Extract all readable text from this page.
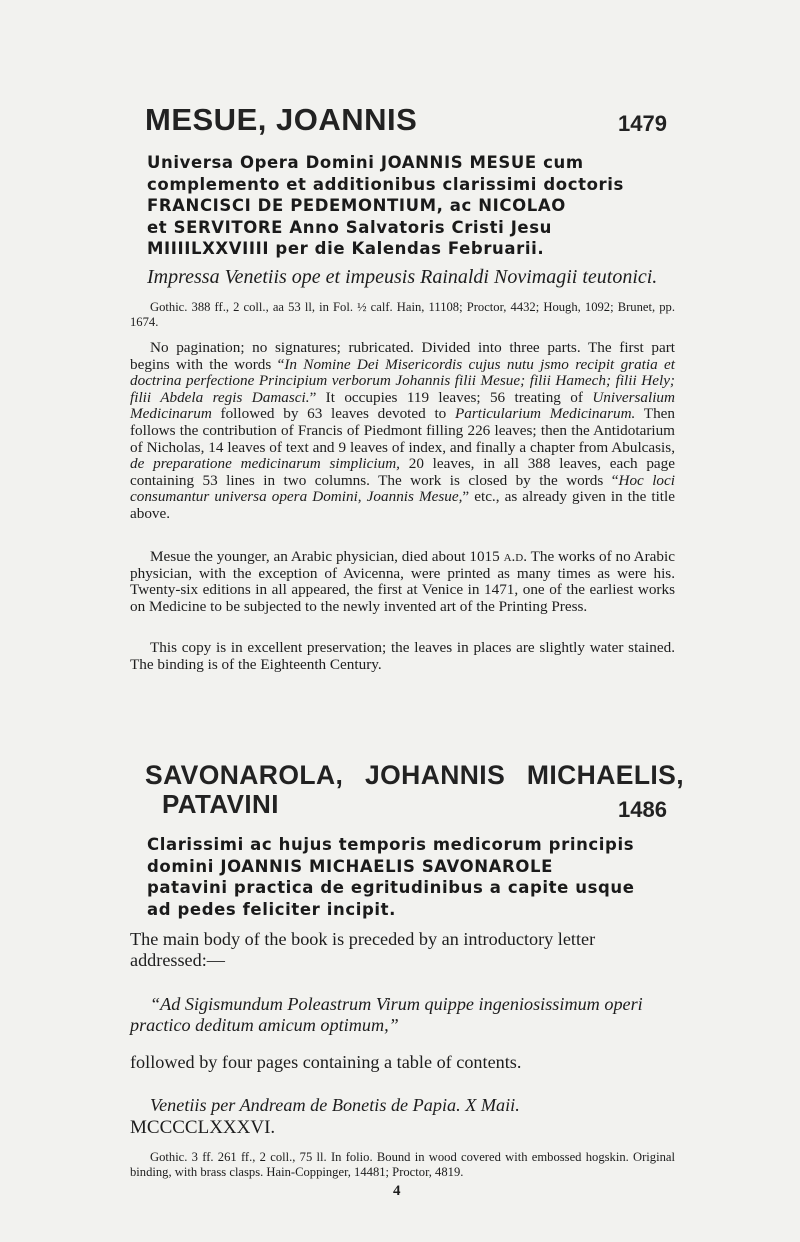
MESUE, JOANNIS	1479
Universa Opera Domini JOANNIS MESUE cum
complemento et additionibus clarissimi doctoris
FRANCISCI DE PEDEMONTIUM, ac NICOLAO
et SERVITORE Anno Salvatoris Cristi Jesu
MIIIILXXVIIII per die Kalendas Februarii.

Impressa Venetiis ope et impeusis Rainaldi Novimagii teutonici.

Gothic. 388 ff., 2 coll., aa 53 ll, in Fol. ½ calf. Hain, 11108; Proctor, 4432; Hough, 1092; Brunet, pp. 1674.

No pagination; no signatures; rubricated. Divided into three parts. The first part begins with the words “In Nomine Dei Misericordis cujus nutu jsmo recipit gratia et doctrina perfectione Principium verborum Johannis filii Mesue; filii Hamech; filii Hely; filii Abdela regis Damasci.” It occupies 119 leaves; 56 treating of Universalium Medicinarum followed by 63 leaves devoted to Particularium Medicinarum. Then follows the contribution of Francis of Piedmont filling 226 leaves; then the Antidotarium of Nicholas, 14 leaves of text and 9 leaves of index, and finally a chapter from Abulcasis, de preparatione medicinarum simplicium, 20 leaves, in all 388 leaves, each page containing 53 lines in two columns. The work is closed by the words “Hoc loci consumantur universa opera Domini, Joannis Mesue,” etc., as already given in the title above.

Mesue the younger, an Arabic physician, died about 1015 a.d. The works of no Arabic physician, with the exception of Avicenna, were printed as many times as were his. Twenty-six editions in all appeared, the first at Venice in 1471, one of the earliest works on Medicine to be subjected to the newly invented art of the Printing Press.

This copy is in excellent preservation; the leaves in places are slightly water stained. The binding is of the Eighteenth Century.

SAVONAROLA, JOHANNIS MICHAELIS,
PATAVINI	1486
Clarissimi ac hujus temporis medicorum principis
domini JOANNIS MICHAELIS SAVONAROLE
patavini practica de egritudinibus a capite usque
ad pedes feliciter incipit.

The main body of the book is preceded by an introductory letter addressed:—

“Ad Sigismundum Poleastrum Virum quippe ingeniosissimum operi practico deditum amicum optimum,”

followed by four pages containing a table of contents.

Venetiis per Andream de Bonetis de Papia. X Maii.

MCCCCLXXXVI.

Gothic. 3 ff. 261 ff., 2 coll., 75 ll. In folio. Bound in wood covered with embossed hogskin. Original binding, with brass clasps. Hain-Coppinger, 14481; Proctor, 4819.

4
